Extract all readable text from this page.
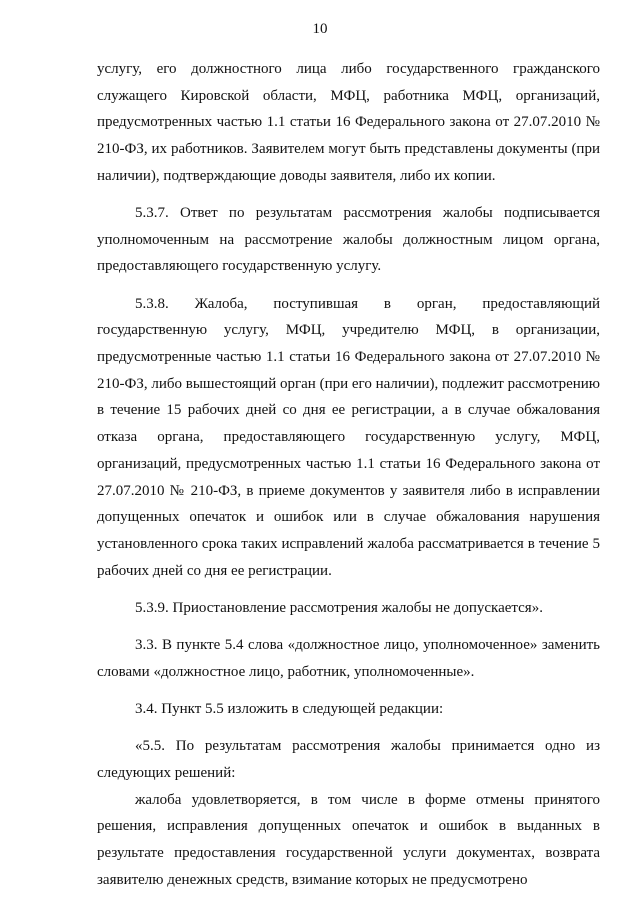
10

услугу, его должностного лица либо государственного гражданского служащего Кировской области, МФЦ, работника МФЦ, организаций, предусмотренных частью 1.1 статьи 16 Федерального закона от 27.07.2010 № 210-ФЗ, их работников. Заявителем могут быть представлены документы (при наличии), подтверждающие доводы заявителя, либо их копии.

5.3.7. Ответ по результатам рассмотрения жалобы подписывается уполномоченным на рассмотрение жалобы должностным лицом органа, предоставляющего государственную услугу.

5.3.8. Жалоба, поступившая в орган, предоставляющий государственную услугу, МФЦ, учредителю МФЦ, в организации, предусмотренные частью 1.1 статьи 16 Федерального закона от 27.07.2010 № 210-ФЗ, либо вышестоящий орган (при его наличии), подлежит рассмотрению в течение 15 рабочих дней со дня ее регистрации, а в случае обжалования отказа органа, предоставляющего государственную услугу, МФЦ, организаций, предусмотренных частью 1.1 статьи 16 Федерального закона от 27.07.2010 № 210-ФЗ, в приеме документов у заявителя либо в исправлении допущенных опечаток и ошибок или в случае обжалования нарушения установленного срока таких исправлений жалоба рассматривается в течение 5 рабочих дней со дня ее регистрации.

5.3.9. Приостановление рассмотрения жалобы не допускается».

3.3. В пункте 5.4 слова «должностное лицо, уполномоченное» заменить словами «должностное лицо, работник, уполномоченные».

3.4. Пункт 5.5 изложить в следующей редакции:

«5.5. По результатам рассмотрения жалобы принимается одно из следующих решений:

жалоба удовлетворяется, в том числе в форме отмены принятого решения, исправления допущенных опечаток и ошибок в выданных в результате предоставления государственной услуги документах, возврата заявителю денежных средств, взимание которых не предусмотрено
